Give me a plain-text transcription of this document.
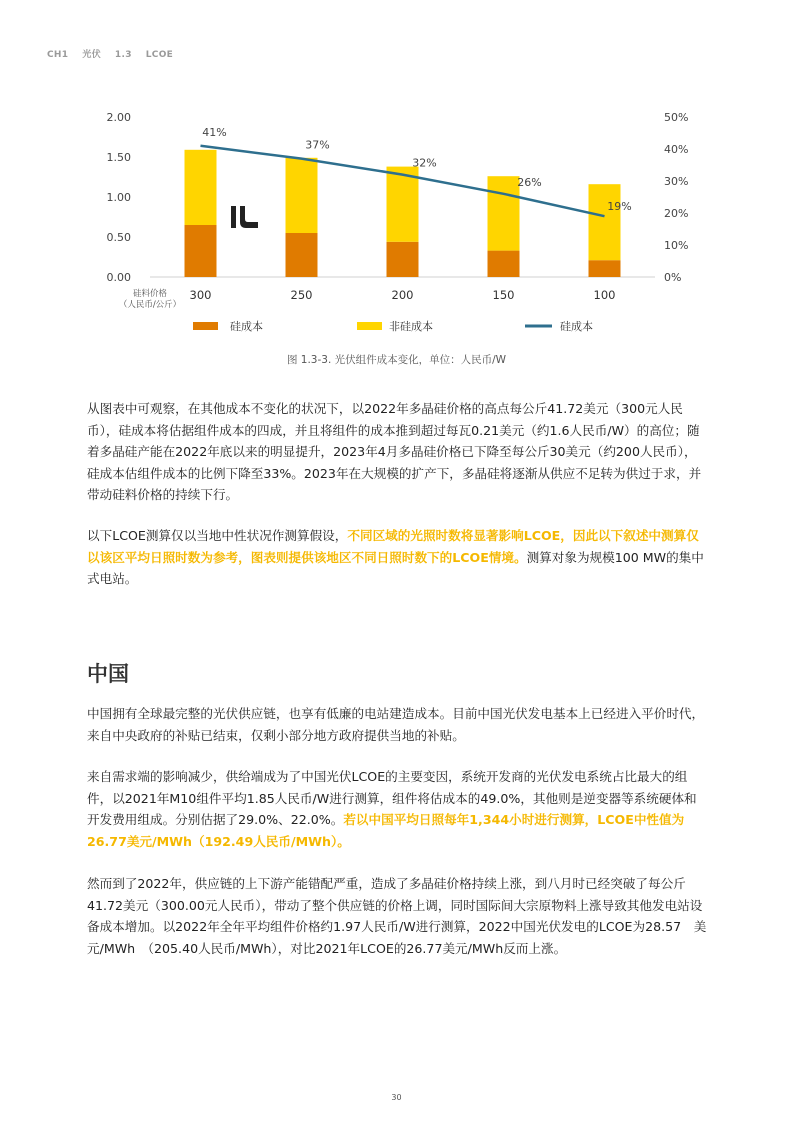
CH1 光伏 1.3 LCOE
0.00
0.50
1.00
1.50
2.00
0%
10%
20%
30%
40%
50%
300	250	200	150	100
41%
37%
32%
26%
19%
硅料价格
（人民币/公斤）
硅成本	非硅成本	硅成本
图 1.3-3. 光伏组件成本变化，单位：人民币/W

从图表中可观察，在其他成本不变化的状况下，以2022年多晶硅价格的高点每公斤41.72美元（300元人民币），硅成本将估据组件成本的四成，并且将组件的成本推到超过每瓦0.21美元（约1.6人民币/W）的高位；随着多晶硅产能在2022年底以来的明显提升，2023年4月多晶硅价格已下降至每公斤30美元（约200人民币），硅成本估组件成本的比例下降至33%。2023年在大规模的扩产下，多晶硅将逐渐从供应不足转为供过于求，并带动硅料价格的持续下行。

以下LCOE测算仅以当地中性状况作测算假设，不同区域的光照时数将显著影响LCOE，因此以下叙述中测算仅以该区平均日照时数为参考，图表则提供该地区不同日照时数下的LCOE情境。测算对象为规模100 MW的集中式电站。

中国

中国拥有全球最完整的光伏供应链，也享有低廉的电站建造成本。目前中国光伏发电基本上已经进入平价时代，来自中央政府的补贴已结束，仅剩小部分地方政府提供当地的补贴。

来自需求端的影响减少，供给端成为了中国光伏LCOE的主要变因，系统开发商的光伏发电系统占比最大的组件，以2021年M10组件平均1.85人民币/W进行测算，组件将估成本的49.0%，其他则是逆变器等系统硬体和开发费用组成。分别估据了29.0%、22.0%。若以中国平均日照每年1,344小时进行测算，LCOE中性值为26.77美元/MWh（192.49人民币/MWh）。

然而到了2022年，供应链的上下游产能错配严重，造成了多晶硅价格持续上涨，到八月时已经突破了每公斤41.72美元（300.00元人民币），带动了整个供应链的价格上调，同时国际间大宗原物料上涨导致其他发电站设备成本增加。以2022年全年平均组件价格约1.97人民币/W进行测算，2022中国光伏发电的LCOE为28.57　美元/MWh　（205.40人民币/MWh），对比2021年LCOE的26.77美元/MWh反而上涨。

30
